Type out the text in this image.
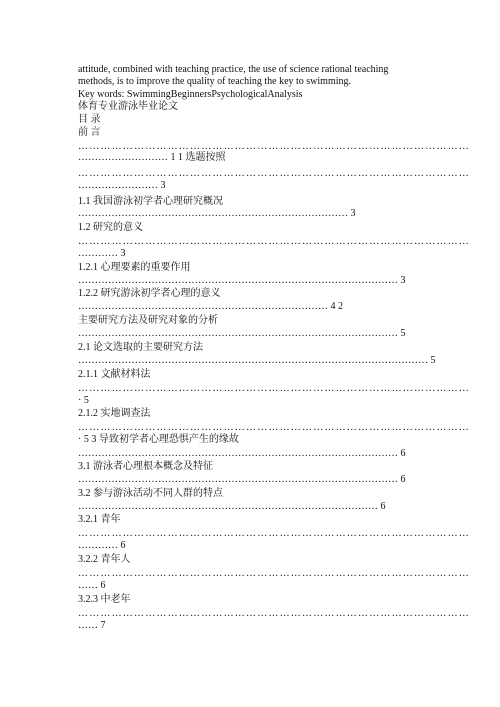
attitude, combined with teaching practice, the use of science rational teaching
methods, is to improve the quality of teaching the key to swimming.
Key words: SwimmingBeginnersPsychologicalAnalysis
体育专业游泳毕业论文
目 录
前 言
……………………………………………………………………………………………
……………………… 1 1 选题按照
……………………………………………………………………………………………
…………………… 3
1.1 我国游泳初学者心理研究概况
……………………………………………………………………… 3
1.2 研究的意义
……………………………………………………………………………………………
………… 3
1.2.1 心理要素的重要作用
…………………………………………………………………………………… 3
1.2.2 研究游泳初学者心理的意义
………………………………………………………………… 4 2
主要研究方法及研究对象的分析
…………………………………………………………………………………… 5
2.1 论文选取的主要研究方法
…………………………………………………………………………………………… 5
2.1.1 文献材料法
……………………………………………………………………………………………
· 5
2.1.2 实地调查法
……………………………………………………………………………………………
· 5 3 导致初学者心理恐惧产生的缘故
…………………………………………………………………………………… 6
3.1 游泳者心理根本概念及特征
…………………………………………………………………………………… 6
3.2 参与游泳活动不同人群的特点
……………………………………………………………………………… 6
3.2.1 青年
……………………………………………………………………………………………
………… 6
3.2.2 青年人
……………………………………………………………………………………………
…… 6
3.2.3 中老年
……………………………………………………………………………………………
…… 7
